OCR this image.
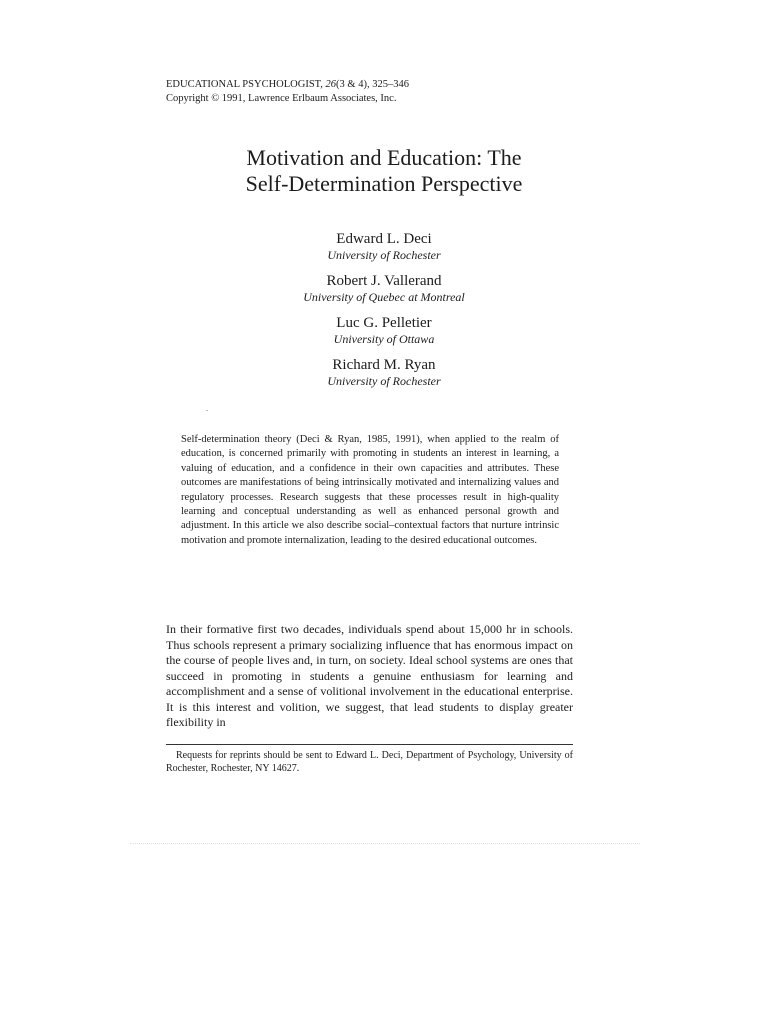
EDUCATIONAL PSYCHOLOGIST, 26(3 & 4), 325–346
Copyright © 1991, Lawrence Erlbaum Associates, Inc.
Motivation and Education: The
Self-Determination Perspective
Edward L. Deci
University of Rochester
Robert J. Vallerand
University of Quebec at Montreal
Luc G. Pelletier
University of Ottawa
Richard M. Ryan
University of Rochester

Self-determination theory (Deci & Ryan, 1985, 1991), when applied to the realm of education, is concerned primarily with promoting in students an interest in learning, a valuing of education, and a confidence in their own capacities and attributes. These outcomes are manifestations of being intrinsically motivated and internalizing values and regulatory processes. Research suggests that these processes result in high-quality learning and conceptual understanding as well as enhanced personal growth and adjustment. In this article we also describe social–contextual factors that nurture intrinsic motivation and promote internalization, leading to the desired educational outcomes.

In their formative first two decades, individuals spend about 15,000 hr in schools. Thus schools represent a primary socializing influence that has enormous impact on the course of people lives and, in turn, on society. Ideal school systems are ones that succeed in promoting in students a genuine enthusiasm for learning and accomplishment and a sense of volitional involvement in the educational enterprise. It is this interest and volition, we suggest, that lead students to display greater flexibility in

Requests for reprints should be sent to Edward L. Deci, Department of Psychology, University of Rochester, Rochester, NY 14627.
